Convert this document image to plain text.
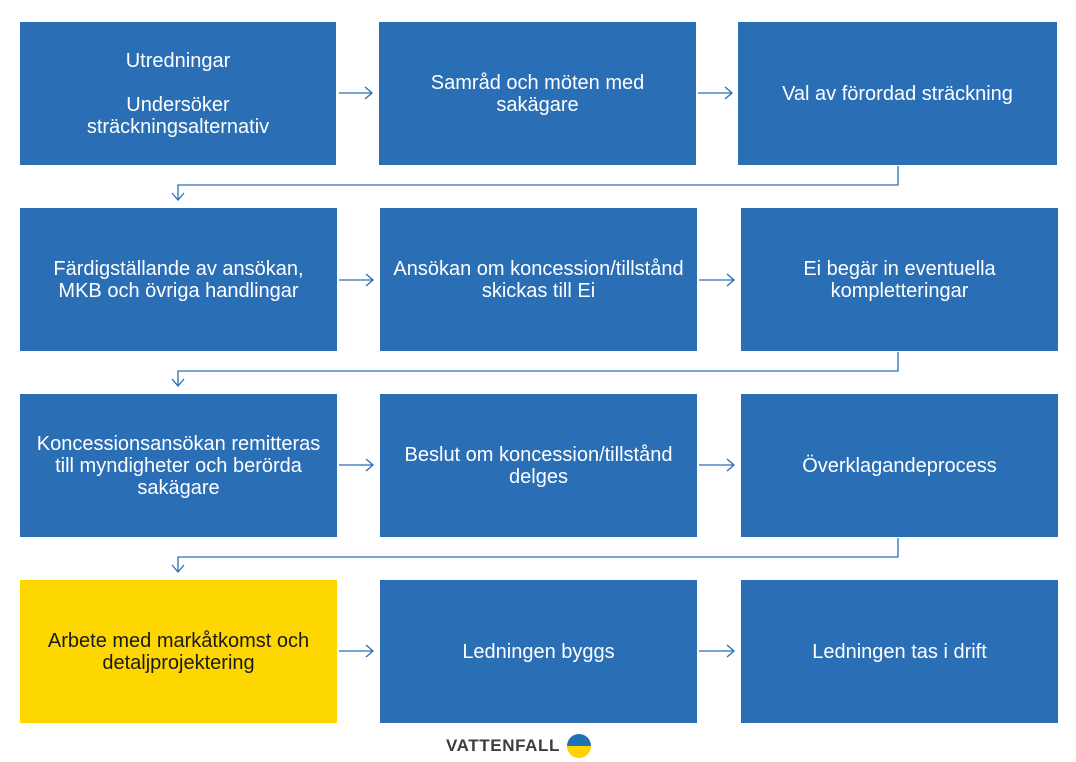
Utredningar
Undersöker sträckningsalternativ
Samråd och möten med sakägare	Val av förordad sträckning
Färdigställande av ansökan, MKB och övriga handlingar
Ansökan om koncession/tillstånd skickas till Ei
Ei begär in eventuella kompletteringar
Koncessionsansökan remitteras till myndigheter och berörda sakägare
Beslut om koncession/tillstånd delges	Överklagandeprocess
Arbete med markåtkomst och detaljprojektering	Ledningen byggs	Ledningen tas i drift
VATTENFALL
